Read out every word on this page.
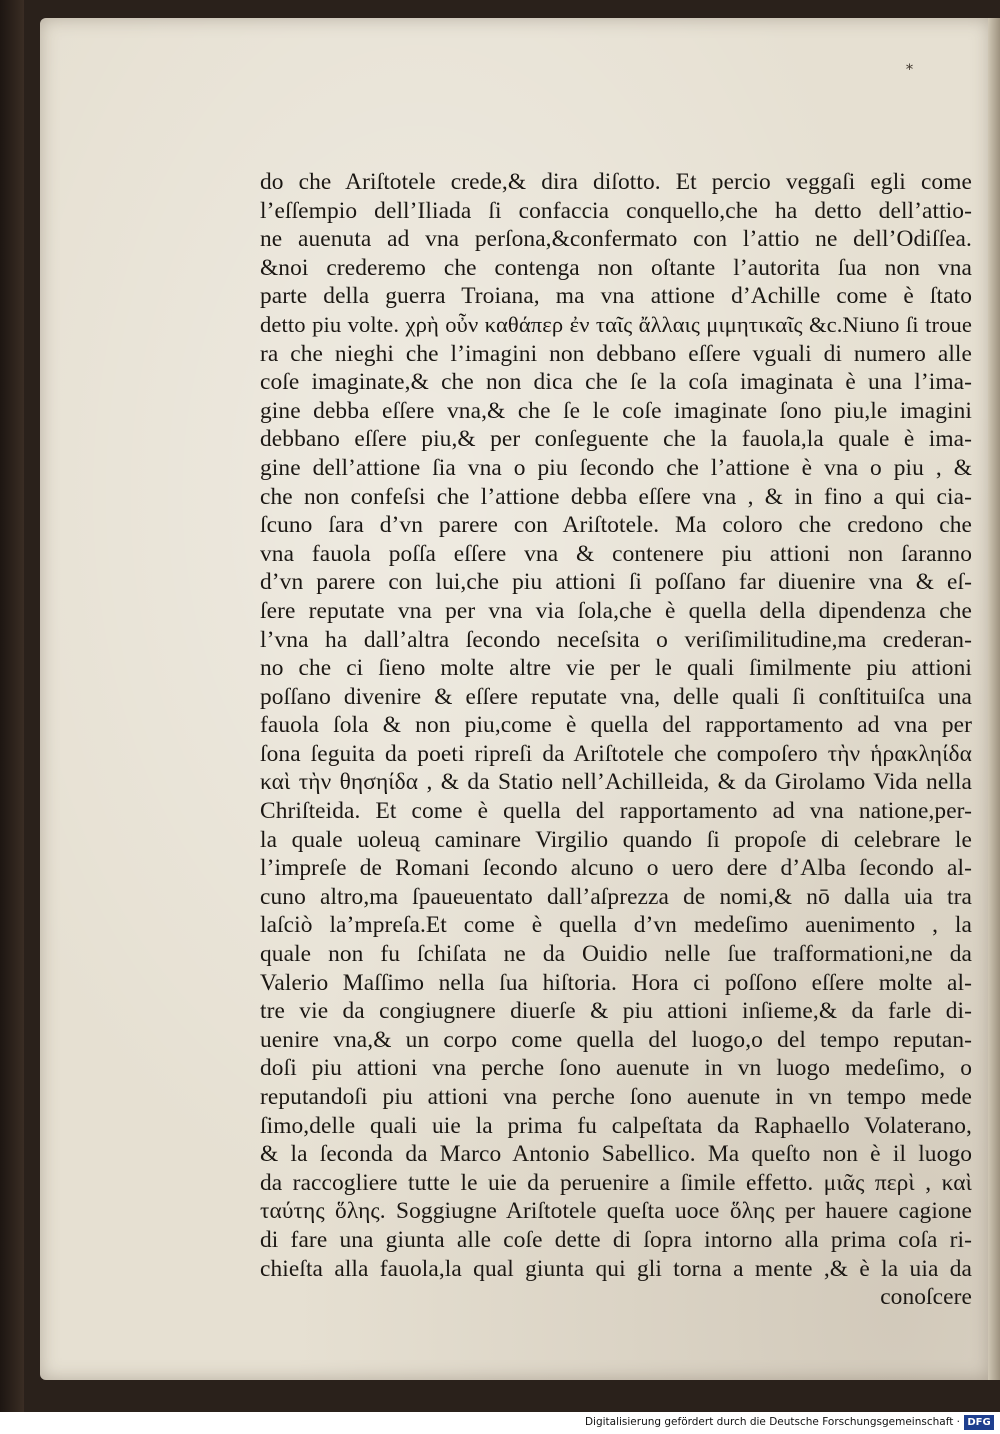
*
do che Ariſtotele crede,& dira diſotto. Et percio veggaſi egli come
l’eſſempio dell’Iliada ſi confaccia conquello,che ha detto dell’attio-
ne auenuta ad vna perſona,&confermato con l’attio ne dell’Odiſſea.
&noi crederemo che contenga non oſtante l’autorita ſua non vna
parte della guerra Troiana, ma vna attione d’Achille come è ſtato
detto piu volte. χρὴ οὖν καθάπερ ἐν ταῖς ἄλλαις μιμητικαῖς &c.Niuno ſi troue
ra che nieghi che l’imagini non debbano eſſere vguali di numero alle
coſe imaginate,& che non dica che ſe la coſa imaginata è una l’ima-
gine debba eſſere vna,& che ſe le coſe imaginate ſono piu,le imagini
debbano eſſere piu,& per conſeguente che la fauola,la quale è ima-
gine dell’attione ſia vna o piu ſecondo che l’attione è vna o piu , &
che non confeſsi che l’attione debba eſſere vna , & in fino a qui cia-
ſcuno ſara d’vn parere con Ariſtotele. Ma coloro che credono che
vna fauola poſſa eſſere vna & contenere piu attioni non ſaranno
d’vn parere con lui,che piu attioni ſi poſſano far diuenire vna & eſ-
ſere reputate vna per vna via ſola,che è quella della dipendenza che
l’vna ha dall’altra ſecondo neceſsita o veriſimilitudine,ma crederan-
no che ci ſieno molte altre vie per le quali ſimilmente piu attioni
poſſano divenire & eſſere reputate vna, delle quali ſi conſtituiſca una
fauola ſola & non piu,come è quella del rapportamento ad vna per
ſona ſeguita da poeti ripreſi da Ariſtotele che compoſero τὴν ἡρακληίδα
καὶ τὴν θησηίδα , & da Statio nell’Achilleida, & da Girolamo Vida nella
Chriſteida. Et come è quella del rapportamento ad vna natione,per-
la quale uoleuą caminare Virgilio quando ſi propoſe di celebrare le
l’impreſe de Romani ſecondo alcuno o uero dere d’Alba ſecondo al-
cuno altro,ma ſpaueuentato dall’aſprezza de nomi,& nō dalla uia tra
laſciò la’mpreſa.Et come è quella d’vn medeſimo auenimento , la
quale non fu ſchiſata ne da Ouidio nelle ſue traſformationi,ne da
Valerio Maſſimo nella ſua hiſtoria. Hora ci poſſono eſſere molte al-
tre vie da congiugnere diuerſe & piu attioni inſieme,& da farle di-
uenire vna,& un corpo come quella del luogo,o del tempo reputan-
doſi piu attioni vna perche ſono auenute in vn luogo medeſimo, o
reputandoſi piu attioni vna perche ſono auenute in vn tempo mede
ſimo,delle quali uie la prima fu calpeſtata da Raphaello Volaterano,
& la ſeconda da Marco Antonio Sabellico. Ma queſto non è il luogo
da raccogliere tutte le uie da peruenire a ſimile effetto. μιᾶς περὶ , καὶ
ταύτης ὅλης. Soggiugne Ariſtotele queſta uoce ὅλης per hauere cagione
di fare una giunta alle coſe dette di ſopra intorno alla prima coſa ri-
chieſta alla fauola,la qual giunta qui gli torna a mente ,& è la uia da
conoſcere
Digitalisierung gefördert durch die Deutsche Forschungsgemeinschaft · DFG
